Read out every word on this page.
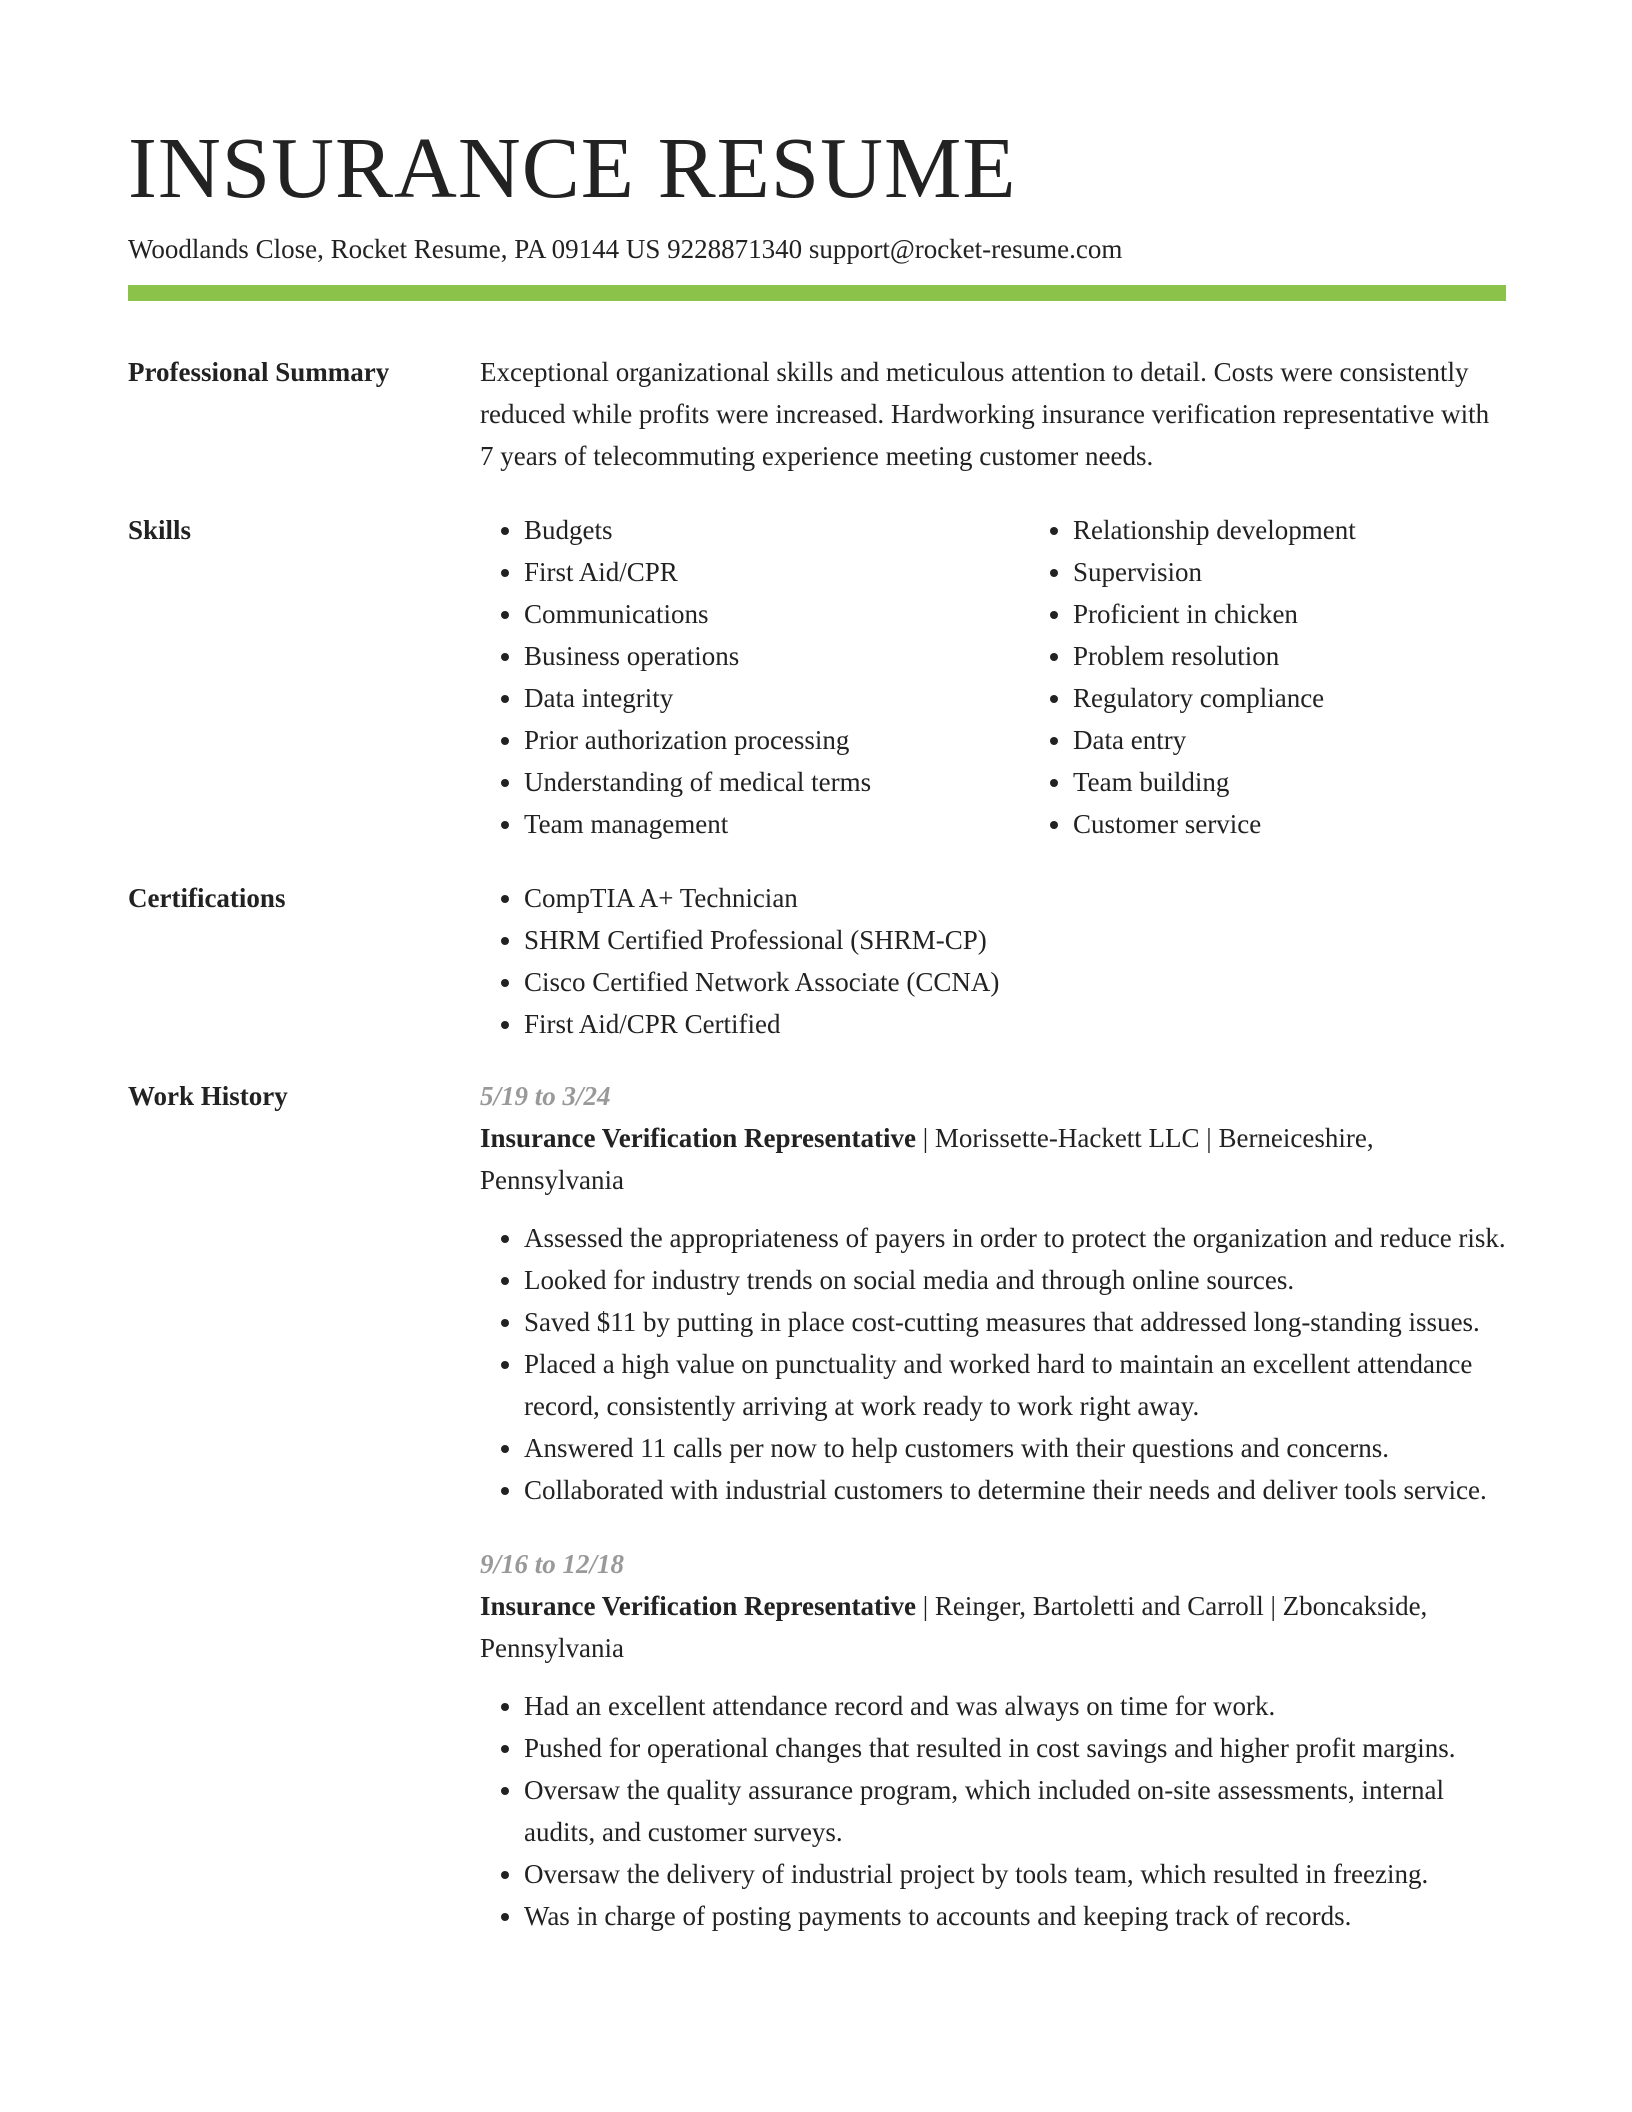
INSURANCE RESUME
Woodlands Close, Rocket Resume, PA 09144 US 9228871340 support@rocket-resume.com
Professional Summary	Exceptional organizational skills and meticulous attention to detail. Costs were consistently reduced while profits were increased. Hardworking insurance verification representative with 7 years of telecommuting experience meeting customer needs.
Skills	• Budgets
• First Aid/CPR
• Communications
• Business operations
• Data integrity
• Prior authorization processing
• Understanding of medical terms
• Team management
• Relationship development
• Supervision
• Proficient in chicken
• Problem resolution
• Regulatory compliance
• Data entry
• Team building
• Customer service
Certifications	• CompTIA A+ Technician
• SHRM Certified Professional (SHRM-CP)
• Cisco Certified Network Associate (CCNA)
• First Aid/CPR Certified
Work History	5/19 to 3/24
Insurance Verification Representative | Morissette-Hackett LLC | Berneiceshire, Pennsylvania
• Assessed the appropriateness of payers in order to protect the organization and reduce risk.
• Looked for industry trends on social media and through online sources.
• Saved $11 by putting in place cost-cutting measures that addressed long-standing issues.
• Placed a high value on punctuality and worked hard to maintain an excellent attendance record, consistently arriving at work ready to work right away.
• Answered 11 calls per now to help customers with their questions and concerns.
• Collaborated with industrial customers to determine their needs and deliver tools service.
9/16 to 12/18
Insurance Verification Representative | Reinger, Bartoletti and Carroll | Zboncakside, Pennsylvania
• Had an excellent attendance record and was always on time for work.
• Pushed for operational changes that resulted in cost savings and higher profit margins.
• Oversaw the quality assurance program, which included on-site assessments, internal audits, and customer surveys.
• Oversaw the delivery of industrial project by tools team, which resulted in freezing.
• Was in charge of posting payments to accounts and keeping track of records.
